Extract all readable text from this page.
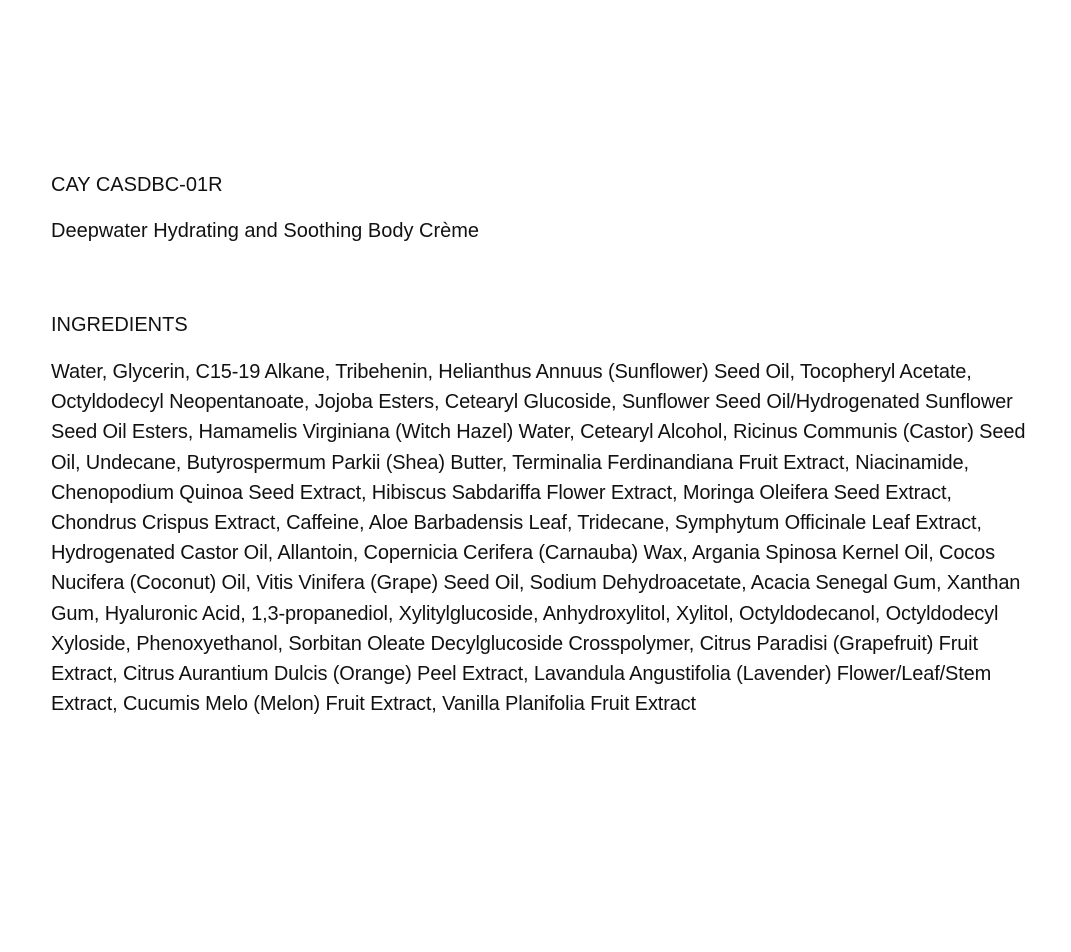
CAY CASDBC-01R

Deepwater Hydrating and Soothing Body Crème

INGREDIENTS

Water, Glycerin, C15-19 Alkane, Tribehenin, Helianthus Annuus (Sunflower) Seed Oil, Tocopheryl Acetate, Octyldodecyl Neopentanoate, Jojoba Esters, Cetearyl Glucoside, Sunflower Seed Oil/Hydrogenated Sunflower Seed Oil Esters, Hamamelis Virginiana (Witch Hazel) Water, Cetearyl Alcohol, Ricinus Communis (Castor) Seed Oil, Undecane, Butyrospermum Parkii (Shea) Butter, Terminalia Ferdinandiana Fruit Extract, Niacinamide, Chenopodium Quinoa Seed Extract, Hibiscus Sabdariffa Flower Extract, Moringa Oleifera Seed Extract, Chondrus Crispus Extract, Caffeine, Aloe Barbadensis Leaf, Tridecane, Symphytum Officinale Leaf Extract, Hydrogenated Castor Oil, Allantoin, Copernicia Cerifera (Carnauba) Wax, Argania Spinosa Kernel Oil, Cocos Nucifera (Coconut) Oil, Vitis Vinifera (Grape) Seed Oil, Sodium Dehydroacetate, Acacia Senegal Gum, Xanthan Gum, Hyaluronic Acid, 1,3-propanediol, Xylitylglucoside, Anhydroxylitol, Xylitol, Octyldodecanol, Octyldodecyl Xyloside, Phenoxyethanol, Sorbitan Oleate Decylglucoside Crosspolymer, Citrus Paradisi (Grapefruit) Fruit Extract, Citrus Aurantium Dulcis (Orange) Peel Extract, Lavandula Angustifolia (Lavender) Flower/Leaf/Stem Extract, Cucumis Melo (Melon) Fruit Extract, Vanilla Planifolia Fruit Extract
